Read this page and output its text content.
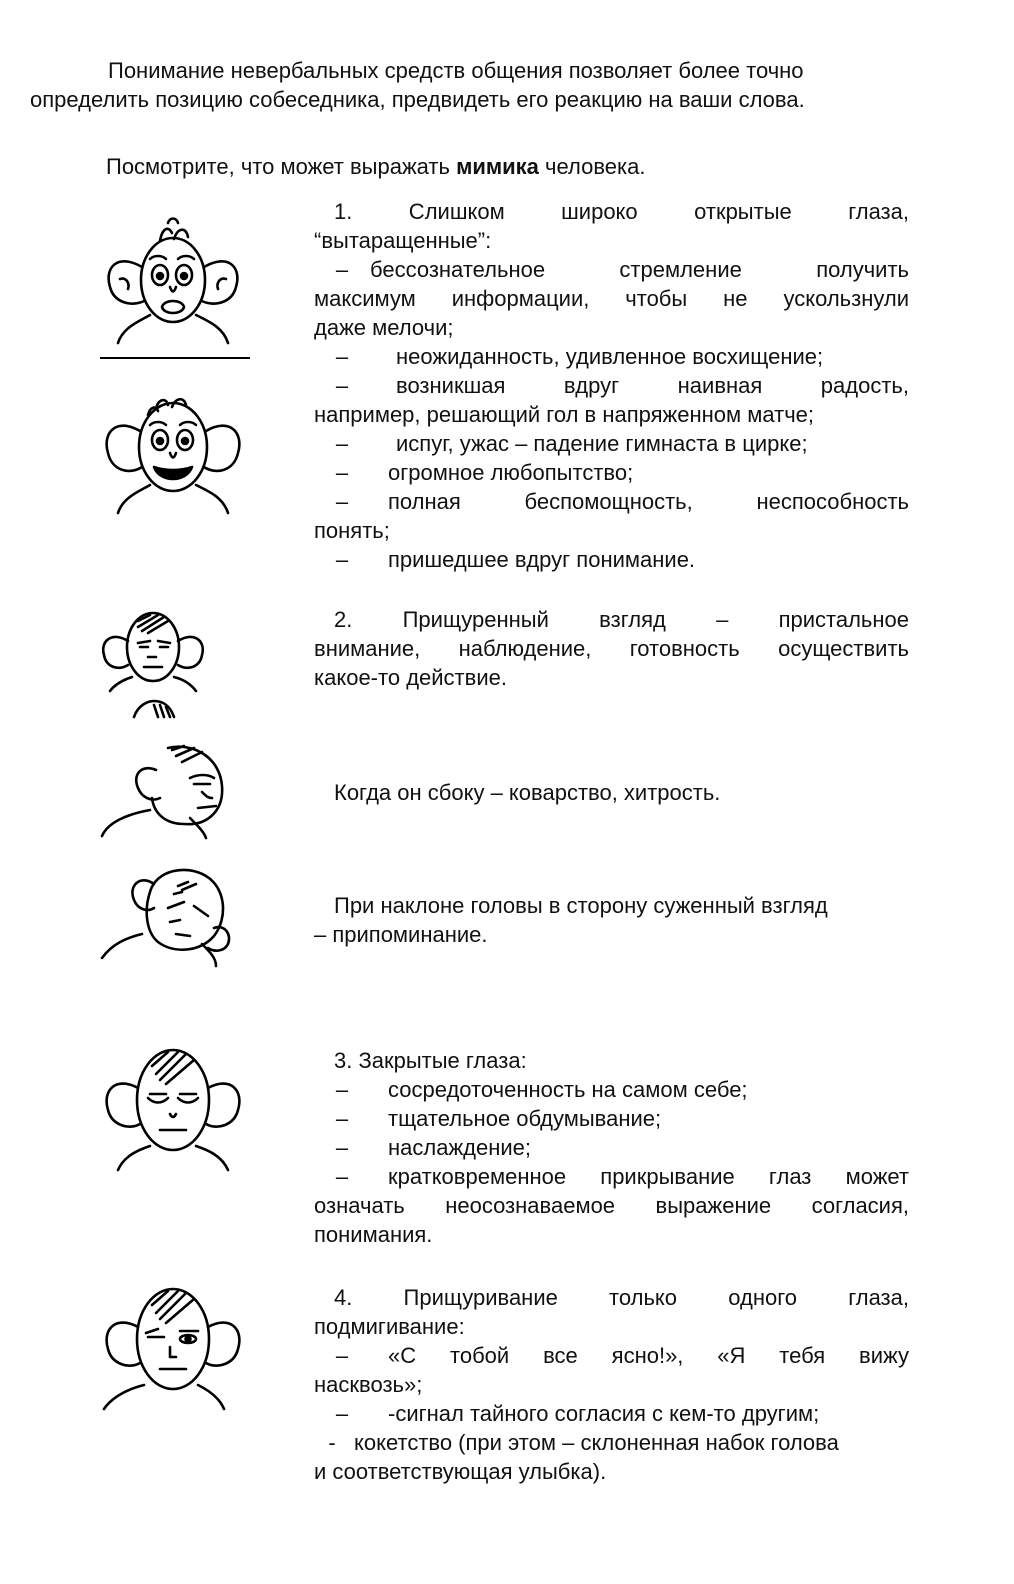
Понимание невербальных средств общения позволяет более точно

определить позицию собеседника, предвидеть его реакцию на ваши слова.

Посмотрите, что может выражать мимика человека.

1. Слишком широко открытые глаза,

“вытаращенные”:

– бессознательное стремление получить

максимум информации, чтобы не ускользнули

даже мелочи;

–	неожиданность, удивленное восхищение;
–	возникшая вдруг наивная радость,

например, решающий гол в напряженном матче;

–	испуг, ужас – падение гимнаста в цирке;
–	огромное любопытство;
–	полная беспомощность, неспособность

понять;

–	пришедшее вдруг понимание.

2. Прищуренный взгляд – пристальное

внимание, наблюдение, готовность осуществить

какое-то действие.

Когда он сбоку – коварство, хитрость.

При наклоне головы в сторону суженный взгляд

– припоминание.

3. Закрытые глаза:

–	сосредоточенность на самом себе;
–	тщательное обдумывание;
–	наслаждение;
–	кратковременное прикрывание глаз может

означать неосознаваемое выражение согласия,

понимания.

4. Прищуривание только одного глаза,

подмигивание:

–	«С тобой все ясно!», «Я тебя вижу

насквозь»;

–	-сигнал тайного согласия с кем-то другим;
- кокетство (при этом – склоненная набок голова

и соответствующая улыбка).
